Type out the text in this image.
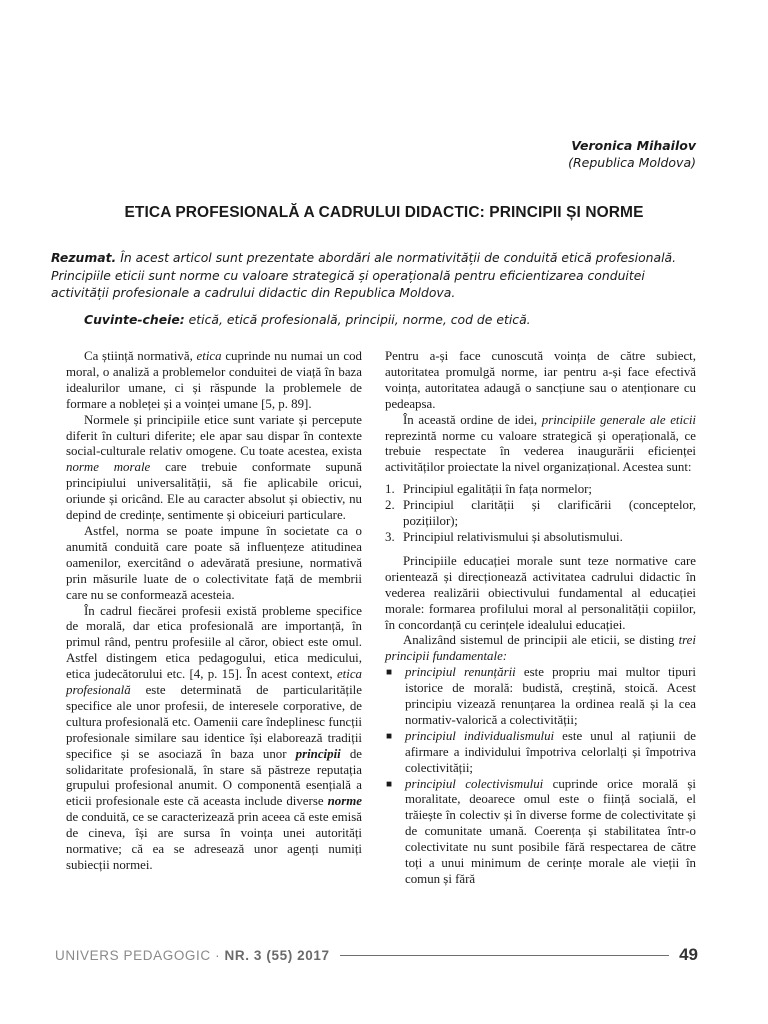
Veronica Mihailov
(Republica Moldova)
ETICA PROFESIONALĂ A CADRULUI DIDACTIC: PRINCIPII ȘI NORME
Rezumat. În acest articol sunt prezentate abordări ale normativității de conduită etică profesională. Principiile eticii sunt norme cu valoare strategică și operațională pentru eficientizarea conduitei activității profesionale a cadrului didactic din Republica Moldova.
Cuvinte-cheie: etică, etică profesională, principii, norme, cod de etică.

Ca știință normativă, etica cuprinde nu numai un cod moral, o analiză a problemelor conduitei de viață în baza idealurilor umane, ci și răspunde la problemele de formare a nobleței și a voinței umane [5, p. 89].

Normele și principiile etice sunt variate și percepute diferit în culturi diferite; ele apar sau dispar în contexte social-culturale relativ omogene. Cu toate acestea, exista norme morale care trebuie conformate supună principiului universalității, să fie aplicabile oricui, oriunde și oricând. Ele au caracter absolut și obiectiv, nu depind de credințe, sentimente și obiceiuri particulare.

Astfel, norma se poate impune în societate ca o anumită conduită care poate să influențeze atitudinea oamenilor, exercitând o adevărată presiune, normativă prin măsurile luate de o colectivitate față de membrii care nu se conformează acesteia.

În cadrul fiecărei profesii există probleme specifice de morală, dar etica profesională are importanță, în primul rând, pentru profesiile al căror, obiect este omul. Astfel distingem etica pedagogului, etica medicului, etica judecătorului etc. [4, p. 15]. În acest context, etica profesională este determinată de particularitățile specifice ale unor profesii, de interesele corporative, de cultura profesională etc. Oamenii care îndeplinesc funcții profesionale similare sau identice își elaborează tradiții specifice și se asociază în baza unor principii de solidaritate profesională, în stare să păstreze reputația grupului profesional anumit. O componentă esențială a eticii profesionale este că aceasta include diverse norme de conduită, ce se caracterizează prin aceea că este emisă de cineva, își are sursa în voința unei autorități normative; că ea se adresează unor agenți numiți subiecții normei.

Pentru a-și face cunoscută voința de către subiect, autoritatea promulgă norme, iar pentru a-și face efectivă voința, autoritatea adaugă o sancțiune sau o atenționare cu pedeapsa.

În această ordine de idei, principiile generale ale eticii reprezintă norme cu valoare strategică și operațională, ce trebuie respectate în vederea inaugurării eficienței activităților proiectate la nivel organizațional. Acestea sunt:

1. Principiul egalității în fața normelor;
2. Principiul clarității și clarificării (conceptelor, pozițiilor);
3. Principiul relativismului și absolutismului.

Principiile educației morale sunt teze normative care orientează și direcționează activitatea cadrului didactic în vederea realizării obiectivului fundamental al educației morale: formarea profilului moral al personalității copiilor, în concordanță cu cerințele idealului educației.

Analizând sistemul de principii ale eticii, se disting trei principii fundamentale:

■ principiul renunțării este propriu mai multor tipuri istorice de morală: budistă, creștină, stoică. Acest principiu vizează renunțarea la ordinea reală și la cea normativ-valorică a colectivității;
■ principiul individualismului este unul al rațiunii de afirmare a individului împotriva celorlalți și împotriva colectivității;
■ principiul colectivismului cuprinde orice morală și moralitate, deoarece omul este o ființă socială, el trăiește în colectiv și în diverse forme de colectivitate și de comunitate umană. Coerența și stabilitatea într-o colectivitate nu sunt posibile fără respectarea de către toți a unui minimum de cerințe morale ale vieții în comun și fără
UNIVERS PEDAGOGIC · NR. 3 (55) 2017	49
